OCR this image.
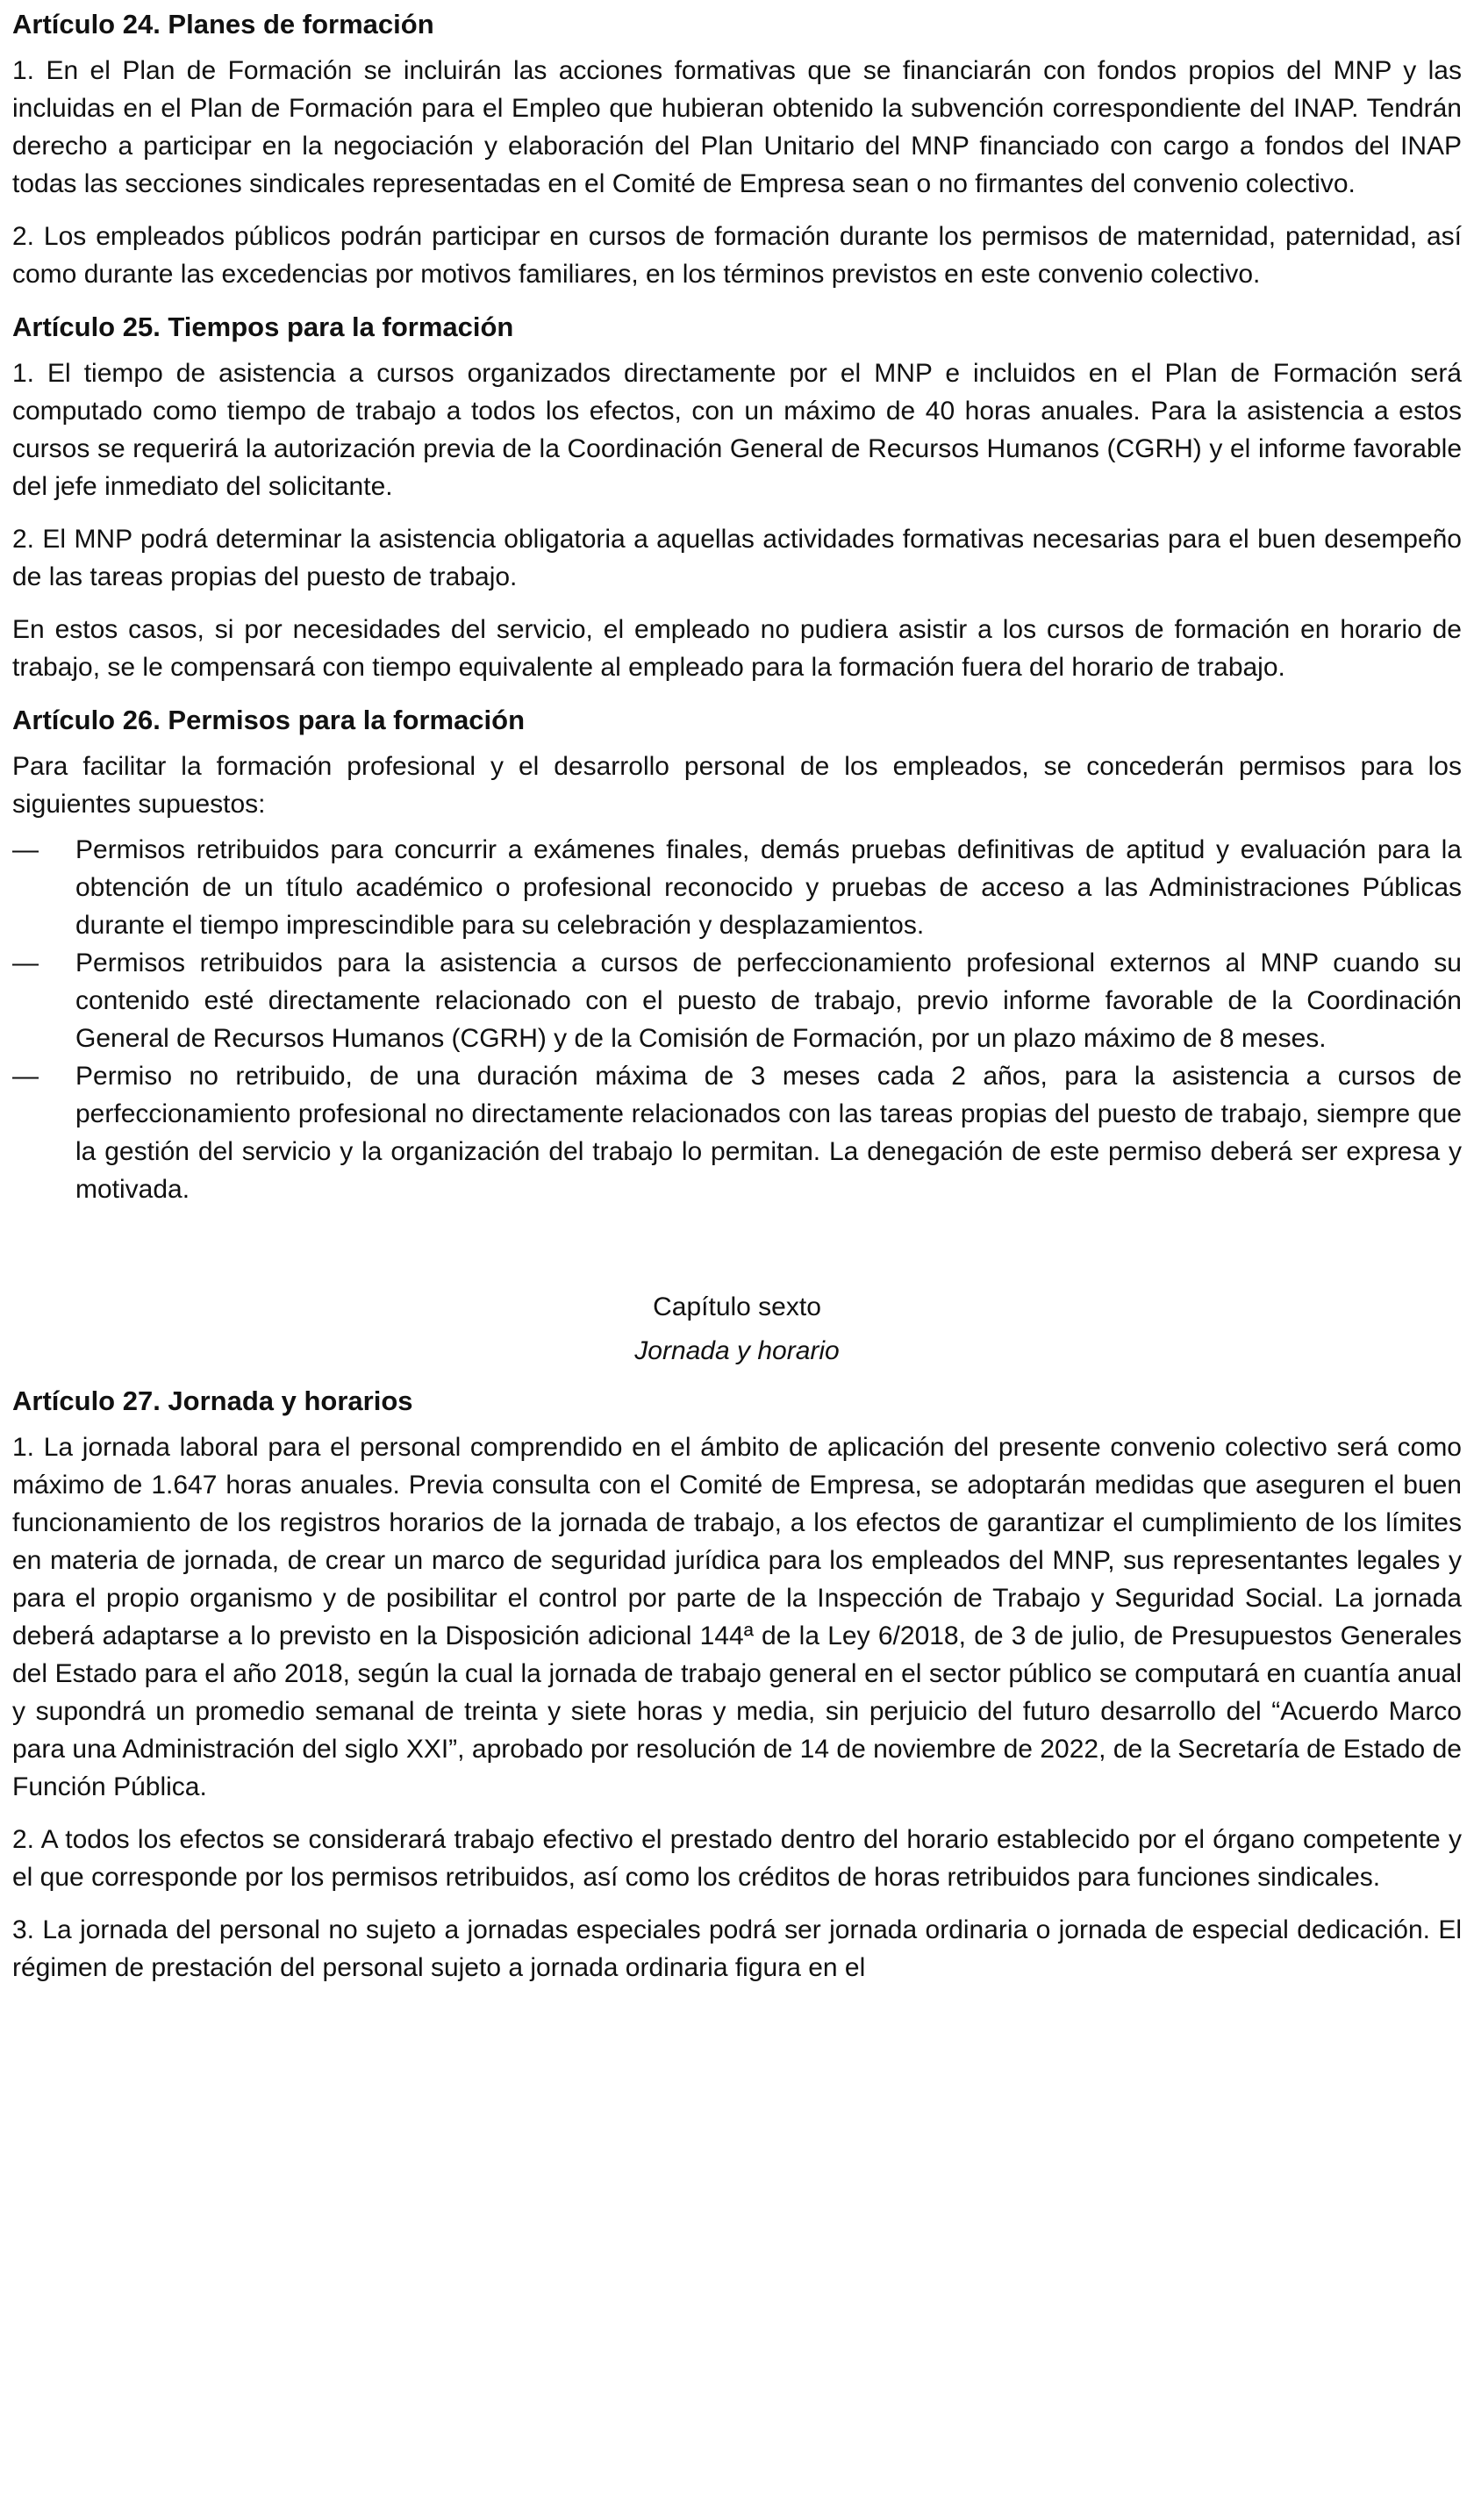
Artículo 24. Planes de formación

1. En el Plan de Formación se incluirán las acciones formativas que se financiarán con fondos propios del MNP y las incluidas en el Plan de Formación para el Empleo que hubieran obtenido la subvención correspondiente del INAP. Tendrán derecho a participar en la negociación y elaboración del Plan Unitario del MNP financiado con cargo a fondos del INAP todas las secciones sindicales representadas en el Comité de Empresa sean o no firmantes del convenio colectivo.

2. Los empleados públicos podrán participar en cursos de formación durante los permisos de maternidad, paternidad, así como durante las excedencias por motivos familiares, en los términos previstos en este convenio colectivo.

Artículo 25. Tiempos para la formación

1. El tiempo de asistencia a cursos organizados directamente por el MNP e incluidos en el Plan de Formación será computado como tiempo de trabajo a todos los efectos, con un máximo de 40 horas anuales. Para la asistencia a estos cursos se requerirá la autorización previa de la Coordinación General de Recursos Humanos (CGRH) y el informe favorable del jefe inmediato del solicitante.

2. El MNP podrá determinar la asistencia obligatoria a aquellas actividades formativas necesarias para el buen desempeño de las tareas propias del puesto de trabajo.

En estos casos, si por necesidades del servicio, el empleado no pudiera asistir a los cursos de formación en horario de trabajo, se le compensará con tiempo equivalente al empleado para la formación fuera del horario de trabajo.

Artículo 26. Permisos para la formación

Para facilitar la formación profesional y el desarrollo personal de los empleados, se concederán permisos para los siguientes supuestos:

— Permisos retribuidos para concurrir a exámenes finales, demás pruebas definitivas de aptitud y evaluación para la obtención de un título académico o profesional reconocido y pruebas de acceso a las Administraciones Públicas durante el tiempo imprescindible para su celebración y desplazamientos.
— Permisos retribuidos para la asistencia a cursos de perfeccionamiento profesional externos al MNP cuando su contenido esté directamente relacionado con el puesto de trabajo, previo informe favorable de la Coordinación General de Recursos Humanos (CGRH) y de la Comisión de Formación, por un plazo máximo de 8 meses.
— Permiso no retribuido, de una duración máxima de 3 meses cada 2 años, para la asistencia a cursos de perfeccionamiento profesional no directamente relacionados con las tareas propias del puesto de trabajo, siempre que la gestión del servicio y la organización del trabajo lo permitan. La denegación de este permiso deberá ser expresa y motivada.
Capítulo sexto
Jornada y horario
Artículo 27. Jornada y horarios

1. La jornada laboral para el personal comprendido en el ámbito de aplicación del presente convenio colectivo será como máximo de 1.647 horas anuales. Previa consulta con el Comité de Empresa, se adoptarán medidas que aseguren el buen funcionamiento de los registros horarios de la jornada de trabajo, a los efectos de garantizar el cumplimiento de los límites en materia de jornada, de crear un marco de seguridad jurídica para los empleados del MNP, sus representantes legales y para el propio organismo y de posibilitar el control por parte de la Inspección de Trabajo y Seguridad Social. La jornada deberá adaptarse a lo previsto en la Disposición adicional 144ª de la Ley 6/2018, de 3 de julio, de Presupuestos Generales del Estado para el año 2018, según la cual la jornada de trabajo general en el sector público se computará en cuantía anual y supondrá un promedio semanal de treinta y siete horas y media, sin perjuicio del futuro desarrollo del “Acuerdo Marco para una Administración del siglo XXI”, aprobado por resolución de 14 de noviembre de 2022, de la Secretaría de Estado de Función Pública.

2. A todos los efectos se considerará trabajo efectivo el prestado dentro del horario establecido por el órgano competente y el que corresponde por los permisos retribuidos, así como los créditos de horas retribuidos para funciones sindicales.

3. La jornada del personal no sujeto a jornadas especiales podrá ser jornada ordinaria o jornada de especial dedicación. El régimen de prestación del personal sujeto a jornada ordinaria figura en el
